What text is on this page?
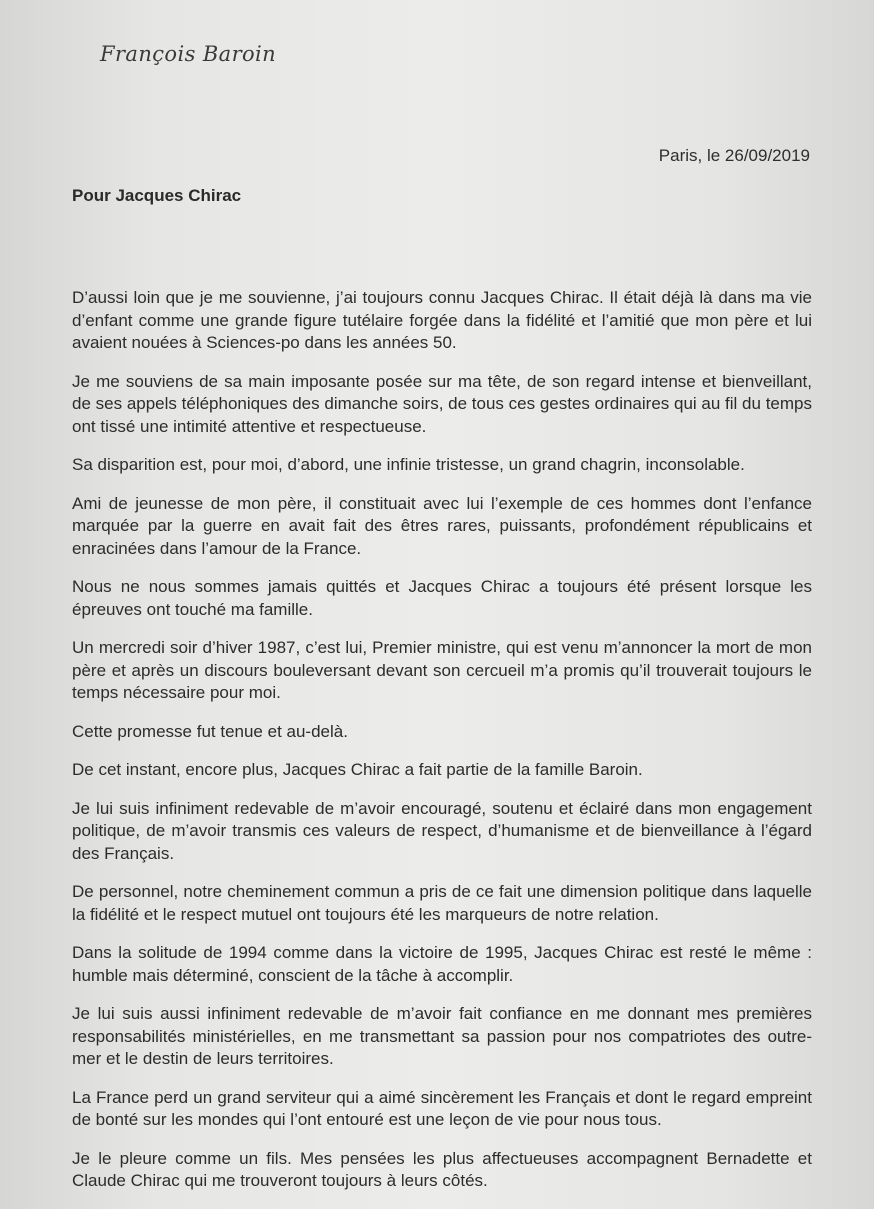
François Baroin
Paris, le 26/09/2019
Pour Jacques Chirac

D’aussi loin que je me souvienne, j’ai toujours connu Jacques Chirac. Il était déjà là dans ma vie d’enfant comme une grande figure tutélaire forgée dans la fidélité et l’amitié que mon père et lui avaient nouées à Sciences-po dans les années 50.

Je me souviens de sa main imposante posée sur ma tête, de son regard intense et bienveillant, de ses appels téléphoniques des dimanche soirs, de tous ces gestes ordinaires qui au fil du temps ont tissé une intimité attentive et respectueuse.

Sa disparition est, pour moi, d’abord, une infinie tristesse, un grand chagrin, inconsolable.

Ami de jeunesse de mon père, il constituait avec lui l’exemple de ces hommes dont l’enfance marquée par la guerre en avait fait des êtres rares, puissants, profondément républicains et enracinées dans l’amour de la France.

Nous ne nous sommes jamais quittés et Jacques Chirac a toujours été présent lorsque les épreuves ont touché ma famille.

Un mercredi soir d’hiver 1987, c’est lui, Premier ministre, qui est venu m’annoncer la mort de mon père et après un discours bouleversant devant son cercueil m’a promis qu’il trouverait toujours le temps nécessaire pour moi.

Cette promesse fut tenue et au-delà.

De cet instant, encore plus, Jacques Chirac a fait partie de la famille Baroin.

Je lui suis infiniment redevable de m’avoir encouragé, soutenu et éclairé dans mon engagement politique, de m’avoir transmis ces valeurs de respect, d’humanisme et de bienveillance à l’égard des Français.

De personnel, notre cheminement commun a pris de ce fait une dimension politique dans laquelle la fidélité et le respect mutuel ont toujours été les marqueurs de notre relation.

Dans la solitude de 1994 comme dans la victoire de 1995, Jacques Chirac est resté le même : humble mais déterminé, conscient de la tâche à accomplir.

Je lui suis aussi infiniment redevable de m’avoir fait confiance en me donnant mes premières responsabilités ministérielles, en me transmettant sa passion pour nos compatriotes des outre-mer et le destin de leurs territoires.

La France perd un grand serviteur qui a aimé sincèrement les Français et dont le regard empreint de bonté sur les mondes qui l’ont entouré est une leçon de vie pour nous tous.

Je le pleure comme un fils. Mes pensées les plus affectueuses accompagnent Bernadette et Claude Chirac qui me trouveront toujours à leurs côtés.
